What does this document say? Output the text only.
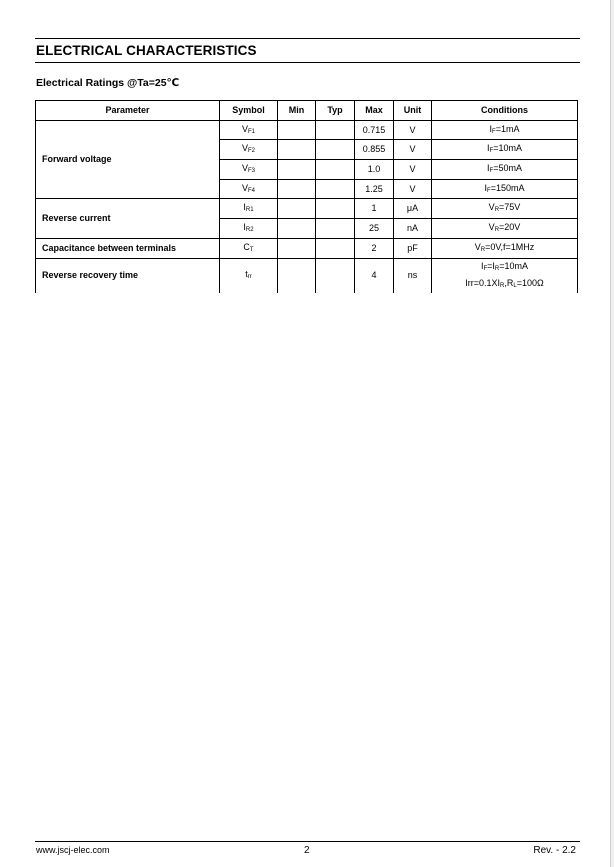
ELECTRICAL CHARACTERISTICS
Electrical Ratings @Ta=25℃
Parameter	Symbol	Min	Typ	Max	Unit	Conditions
Forward voltage	VF1			0.715	V	IF=1mA
	VF2			0.855	V	IF=10mA
	VF3			1.0	V	IF=50mA
	VF4			1.25	V	IF=150mA
Reverse current	IR1			1	μA	VR=75V
	IR2			25	nA	VR=20V
Capacitance between terminals	CT			2	pF	VR=0V,f=1MHz
Reverse recovery time	trr			4	ns	IF=IR=10mA
Irr=0.1XIR,RL=100Ω
www.jscj-elec.com	2	Rev. - 2.2
